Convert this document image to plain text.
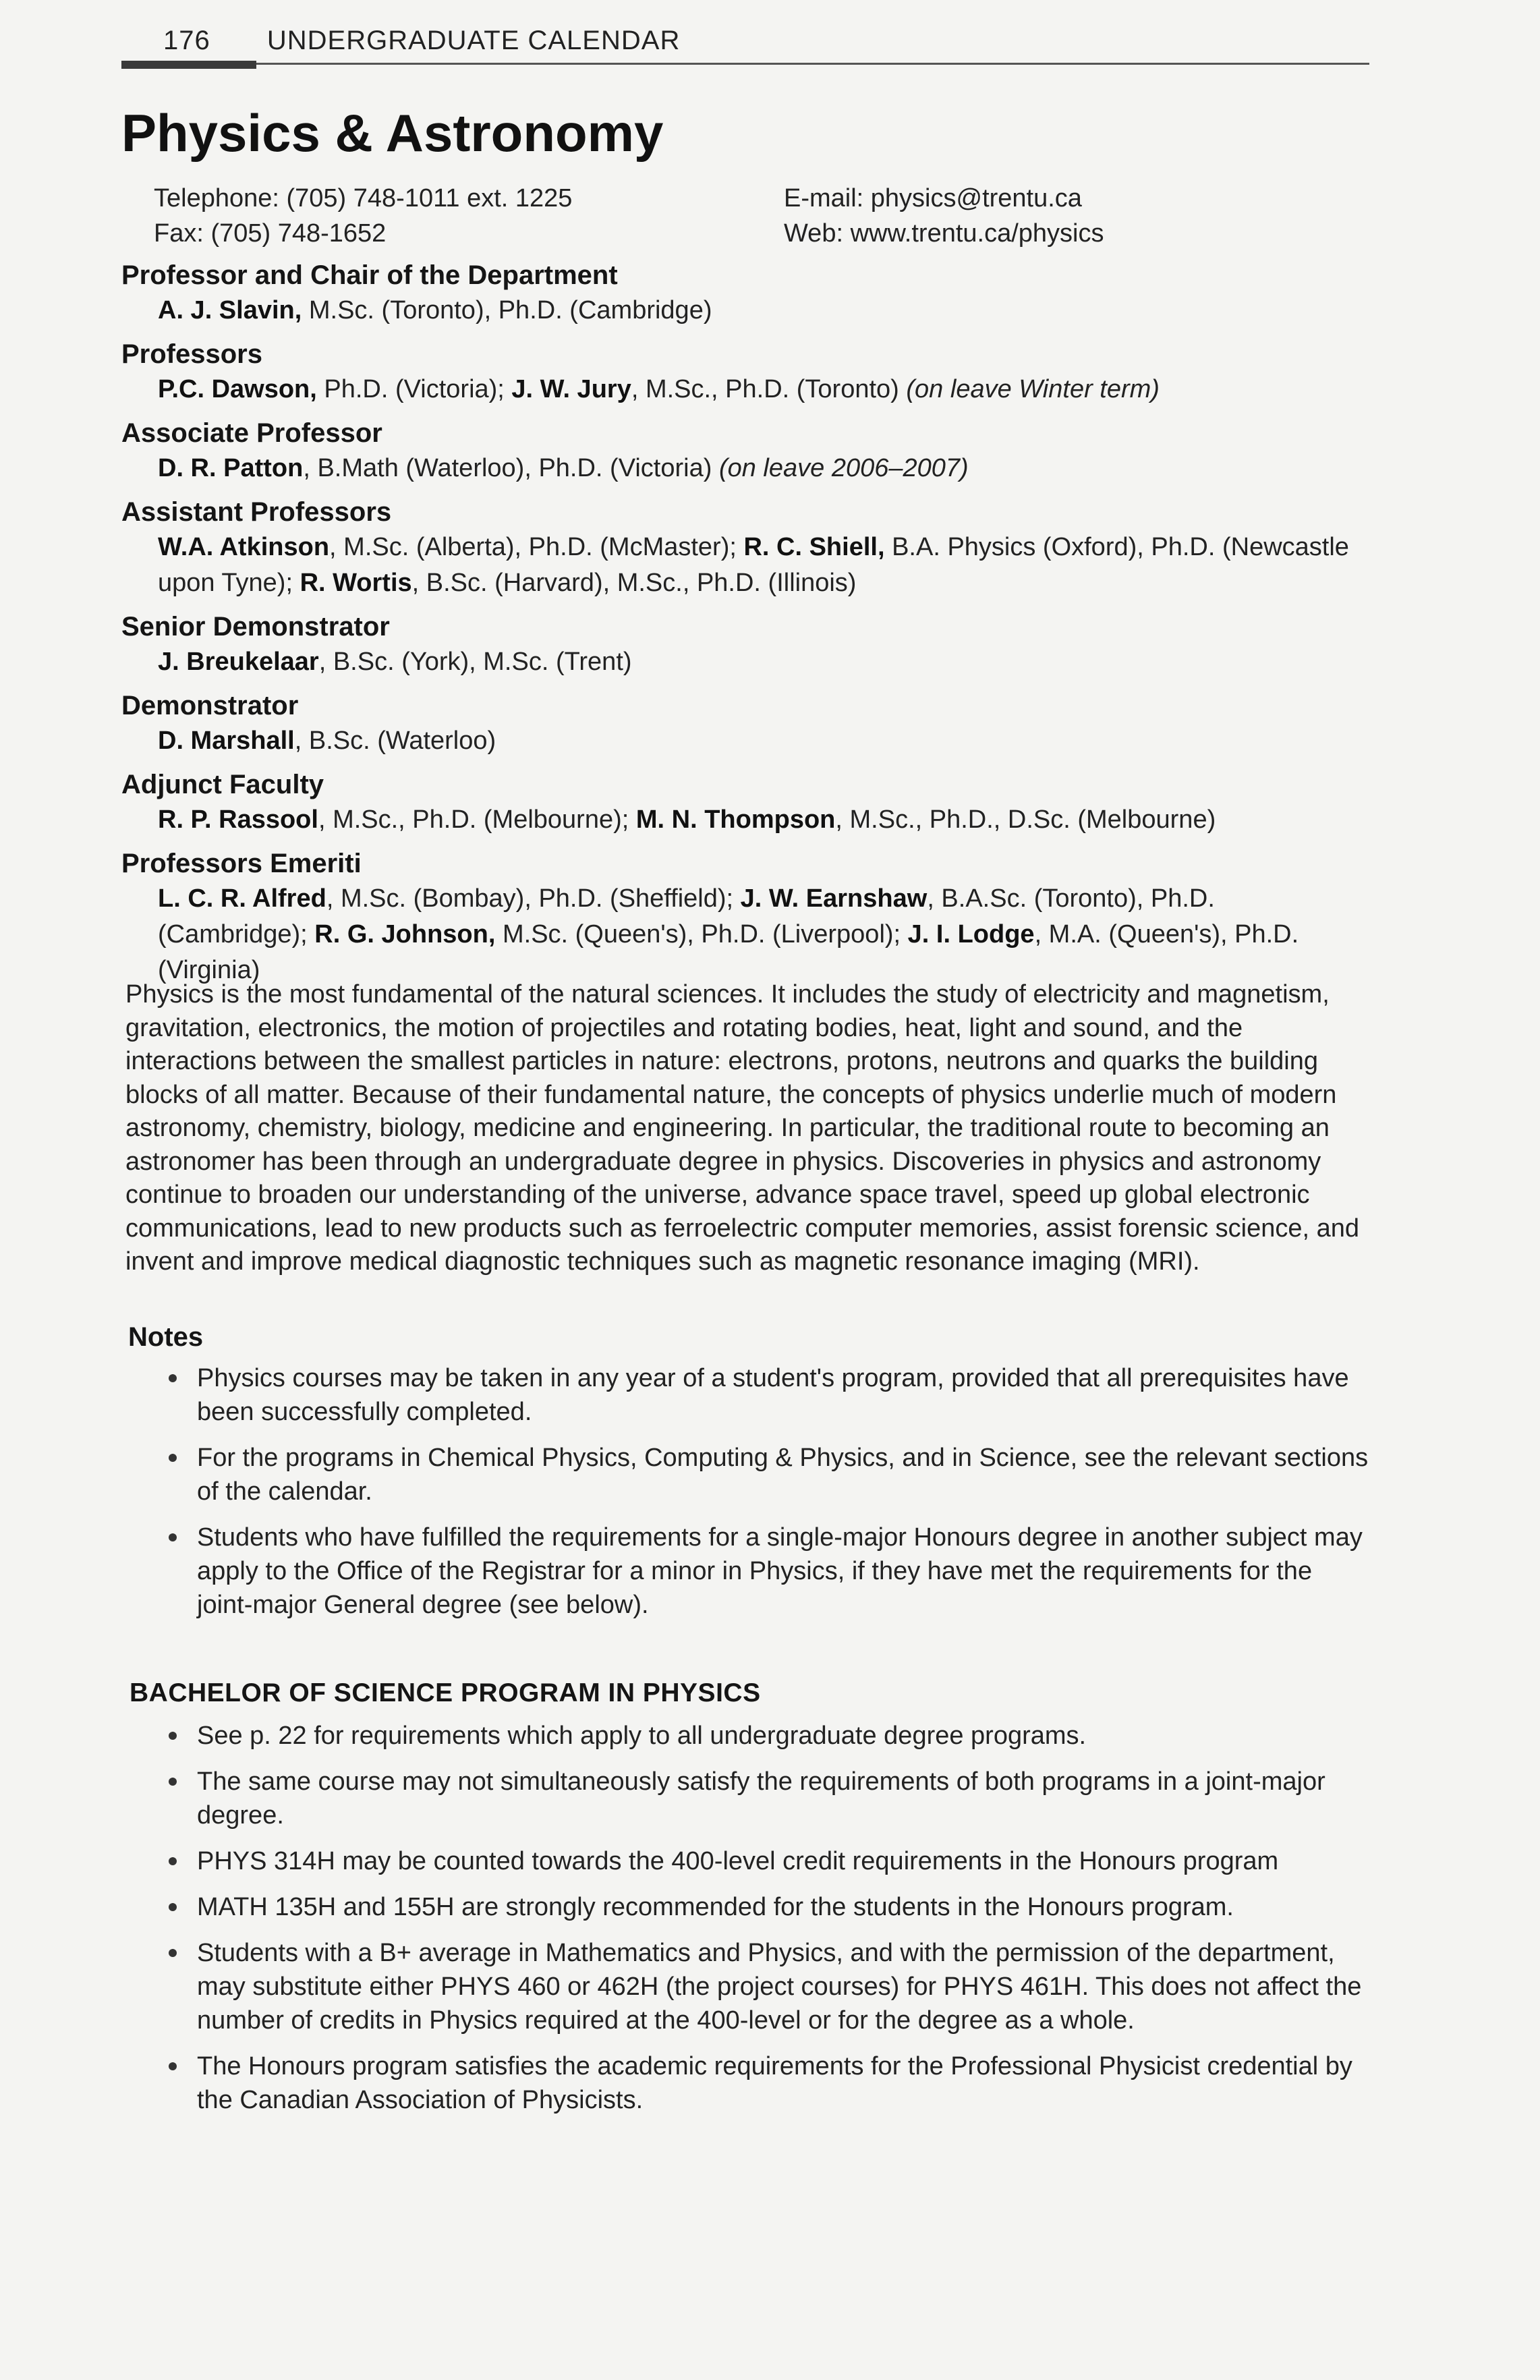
176 UNDERGRADUATE CALENDAR
Physics & Astronomy
Telephone: (705) 748-1011 ext. 1225
Fax: (705) 748-1652
E-mail: physics@trentu.ca
Web: www.trentu.ca/physics
Professor and Chair of the Department

A. J. Slavin, M.Sc. (Toronto), Ph.D. (Cambridge)

Professors

P.C. Dawson, Ph.D. (Victoria); J. W. Jury, M.Sc., Ph.D. (Toronto) (on leave Winter term)

Associate Professor

D. R. Patton, B.Math (Waterloo), Ph.D. (Victoria) (on leave 2006–2007)

Assistant Professors

W.A. Atkinson, M.Sc. (Alberta), Ph.D. (McMaster); R. C. Shiell, B.A. Physics (Oxford), Ph.D. (Newcastle upon Tyne); R. Wortis, B.Sc. (Harvard), M.Sc., Ph.D. (Illinois)

Senior Demonstrator

J. Breukelaar, B.Sc. (York), M.Sc. (Trent)

Demonstrator

D. Marshall, B.Sc. (Waterloo)

Adjunct Faculty

R. P. Rassool, M.Sc., Ph.D. (Melbourne); M. N. Thompson, M.Sc., Ph.D., D.Sc. (Melbourne)

Professors Emeriti

L. C. R. Alfred, M.Sc. (Bombay), Ph.D. (Sheffield); J. W. Earnshaw, B.A.Sc. (Toronto), Ph.D. (Cambridge); R. G. Johnson, M.Sc. (Queen's), Ph.D. (Liverpool); J. I. Lodge, M.A. (Queen's), Ph.D. (Virginia)

Physics is the most fundamental of the natural sciences. It includes the study of electricity and magnetism, gravitation, electronics, the motion of projectiles and rotating bodies, heat, light and sound, and the interactions between the smallest particles in nature: electrons, protons, neutrons and quarks the building blocks of all matter. Because of their fundamental nature, the concepts of physics underlie much of modern astronomy, chemistry, biology, medicine and engineering. In particular, the traditional route to becoming an astronomer has been through an undergraduate degree in physics. Discoveries in physics and astronomy continue to broaden our understanding of the universe, advance space travel, speed up global electronic communications, lead to new products such as ferroelectric computer memories, assist forensic science, and invent and improve medical diagnostic techniques such as magnetic resonance imaging (MRI).

Notes
Physics courses may be taken in any year of a student's program, provided that all prerequisites have been successfully completed.
For the programs in Chemical Physics, Computing & Physics, and in Science, see the relevant sections of the calendar.
Students who have fulfilled the requirements for a single-major Honours degree in another subject may apply to the Office of the Registrar for a minor in Physics, if they have met the requirements for the joint-major General degree (see below).
BACHELOR OF SCIENCE PROGRAM IN PHYSICS
See p. 22 for requirements which apply to all undergraduate degree programs.
The same course may not simultaneously satisfy the requirements of both programs in a joint-major degree.
PHYS 314H may be counted towards the 400-level credit requirements in the Honours program
MATH 135H and 155H are strongly recommended for the students in the Honours program.
Students with a B+ average in Mathematics and Physics, and with the permission of the department, may substitute either PHYS 460 or 462H (the project courses) for PHYS 461H. This does not affect the number of credits in Physics required at the 400-level or for the degree as a whole.
The Honours program satisfies the academic requirements for the Professional Physicist credential by the Canadian Association of Physicists.
